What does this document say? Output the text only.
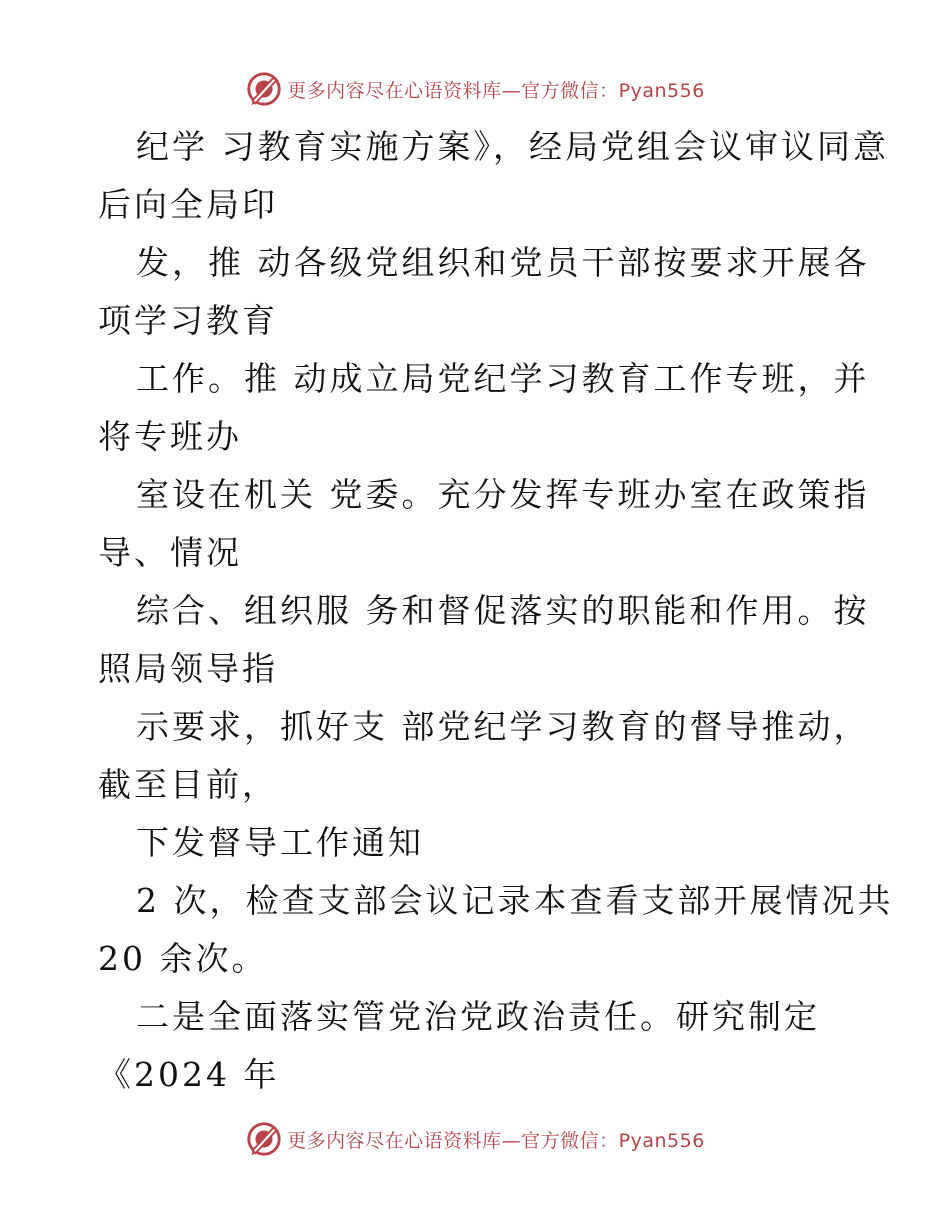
更多内容尽在心语资料库—官方微信：Pyan556
纪学 习教育实施方案》，经局党组会议审议同意
后向全局印
发，推 动各级党组织和党员干部按要求开展各
项学习教育
工作。推 动成立局党纪学习教育工作专班，并
将专班办
室设在机关 党委。充分发挥专班办室在政策指
导、情况
综合、组织服 务和督促落实的职能和作用。按
照局领导指
示要求，抓好支 部党纪学习教育的督导推动，
截至目前，
下发督导工作通知
2 次，检查支部会议记录本查看支部开展情况共
20 余次。
二是全面落实管党治党政治责任。研究制定
《2024 年
更多内容尽在心语资料库—官方微信：Pyan556
